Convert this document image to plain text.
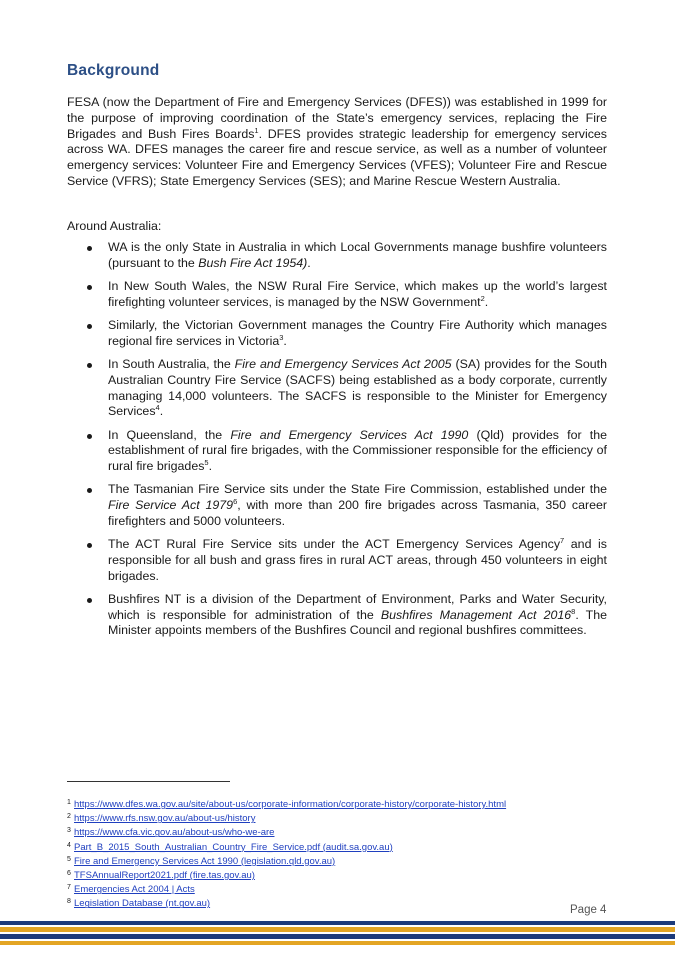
Background

FESA (now the Department of Fire and Emergency Services (DFES)) was established in 1999 for the purpose of improving coordination of the State’s emergency services, replacing the Fire Brigades and Bush Fires Boards$^1$. DFES provides strategic leadership for emergency services across WA. DFES manages the career fire and rescue service, as well as a number of volunteer emergency services: Volunteer Fire and Emergency Services (VFES); Volunteer Fire and Rescue Service (VFRS); State Emergency Services (SES); and Marine Rescue Western Australia.

Around Australia:

WA is the only State in Australia in which Local Governments manage bushfire volunteers (pursuant to the Bush Fire Act 1954).
In New South Wales, the NSW Rural Fire Service, which makes up the world’s largest firefighting volunteer services, is managed by the NSW Government$^2$.
Similarly, the Victorian Government manages the Country Fire Authority which manages regional fire services in Victoria$^3$.
In South Australia, the Fire and Emergency Services Act 2005 (SA) provides for the South Australian Country Fire Service (SACFS) being established as a body corporate, currently managing 14,000 volunteers. The SACFS is responsible to the Minister for Emergency Services$^4$.
In Queensland, the Fire and Emergency Services Act 1990 (Qld) provides for the establishment of rural fire brigades, with the Commissioner responsible for the efficiency of rural fire brigades$^5$.
The Tasmanian Fire Service sits under the State Fire Commission, established under the Fire Service Act 1979$^6$, with more than 200 fire brigades across Tasmania, 350 career firefighters and 5000 volunteers.
The ACT Rural Fire Service sits under the ACT Emergency Services Agency$^7$ and is responsible for all bush and grass fires in rural ACT areas, through 450 volunteers in eight brigades.
Bushfires NT is a division of the Department of Environment, Parks and Water Security, which is responsible for administration of the Bushfires Management Act 2016$^8$. The Minister appoints members of the Bushfires Council and regional bushfires committees.
1 https://www.dfes.wa.gov.au/site/about-us/corporate-information/corporate-history/corporate-history.html
2 https://www.rfs.nsw.gov.au/about-us/history
3 https://www.cfa.vic.gov.au/about-us/who-we-are
4 Part_B_2015_South_Australian_Country_Fire_Service.pdf (audit.sa.gov.au)
5 Fire and Emergency Services Act 1990 (legislation.qld.gov.au)
6 TFSAnnualReport2021.pdf (fire.tas.gov.au)
7 Emergencies Act 2004 | Acts
8 Legislation Database (nt.gov.au)
Page 4
